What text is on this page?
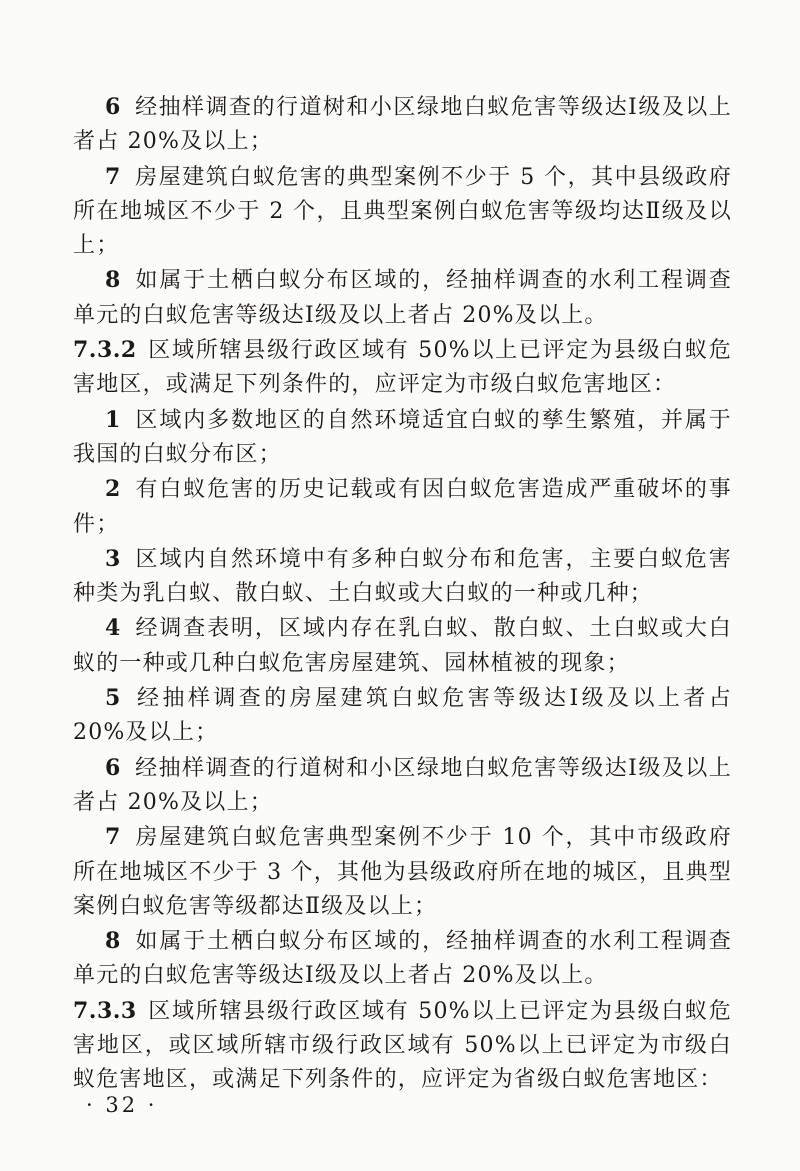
6 经抽样调查的行道树和小区绿地白蚁危害等级达Ⅰ级及以上者占 20%及以上；

7 房屋建筑白蚁危害的典型案例不少于 5 个，其中县级政府所在地城区不少于 2 个，且典型案例白蚁危害等级均达Ⅱ级及以上；

8 如属于土栖白蚁分布区域的，经抽样调查的水利工程调查单元的白蚁危害等级达Ⅰ级及以上者占 20%及以上。

7.3.2 区域所辖县级行政区域有 50%以上已评定为县级白蚁危害地区，或满足下列条件的，应评定为市级白蚁危害地区：

1 区域内多数地区的自然环境适宜白蚁的孳生繁殖，并属于我国的白蚁分布区；

2 有白蚁危害的历史记载或有因白蚁危害造成严重破坏的事件；

3 区域内自然环境中有多种白蚁分布和危害，主要白蚁危害种类为乳白蚁、散白蚁、土白蚁或大白蚁的一种或几种；

4 经调查表明，区域内存在乳白蚁、散白蚁、土白蚁或大白蚁的一种或几种白蚁危害房屋建筑、园林植被的现象；

5 经抽样调查的房屋建筑白蚁危害等级达Ⅰ级及以上者占 20%及以上；

6 经抽样调查的行道树和小区绿地白蚁危害等级达Ⅰ级及以上者占 20%及以上；

7 房屋建筑白蚁危害典型案例不少于 10 个，其中市级政府所在地城区不少于 3 个，其他为县级政府所在地的城区，且典型案例白蚁危害等级都达Ⅱ级及以上；

8 如属于土栖白蚁分布区域的，经抽样调查的水利工程调查单元的白蚁危害等级达Ⅰ级及以上者占 20%及以上。

7.3.3 区域所辖县级行政区域有 50%以上已评定为县级白蚁危害地区，或区域所辖市级行政区域有 50%以上已评定为市级白蚁危害地区，或满足下列条件的，应评定为省级白蚁危害地区：

· 32 ·
